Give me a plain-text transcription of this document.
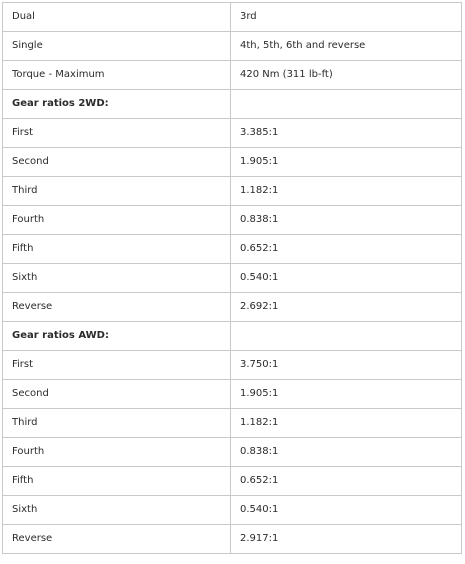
Dual	3rd
Single	4th, 5th, 6th and reverse
Torque - Maximum	420 Nm (311 lb-ft)
Gear ratios 2WD:	
First	3.385:1
Second	1.905:1
Third	1.182:1
Fourth	0.838:1
Fifth	0.652:1
Sixth	0.540:1
Reverse	2.692:1
Gear ratios AWD:	
First	3.750:1
Second	1.905:1
Third	1.182:1
Fourth	0.838:1
Fifth	0.652:1
Sixth	0.540:1
Reverse	2.917:1
